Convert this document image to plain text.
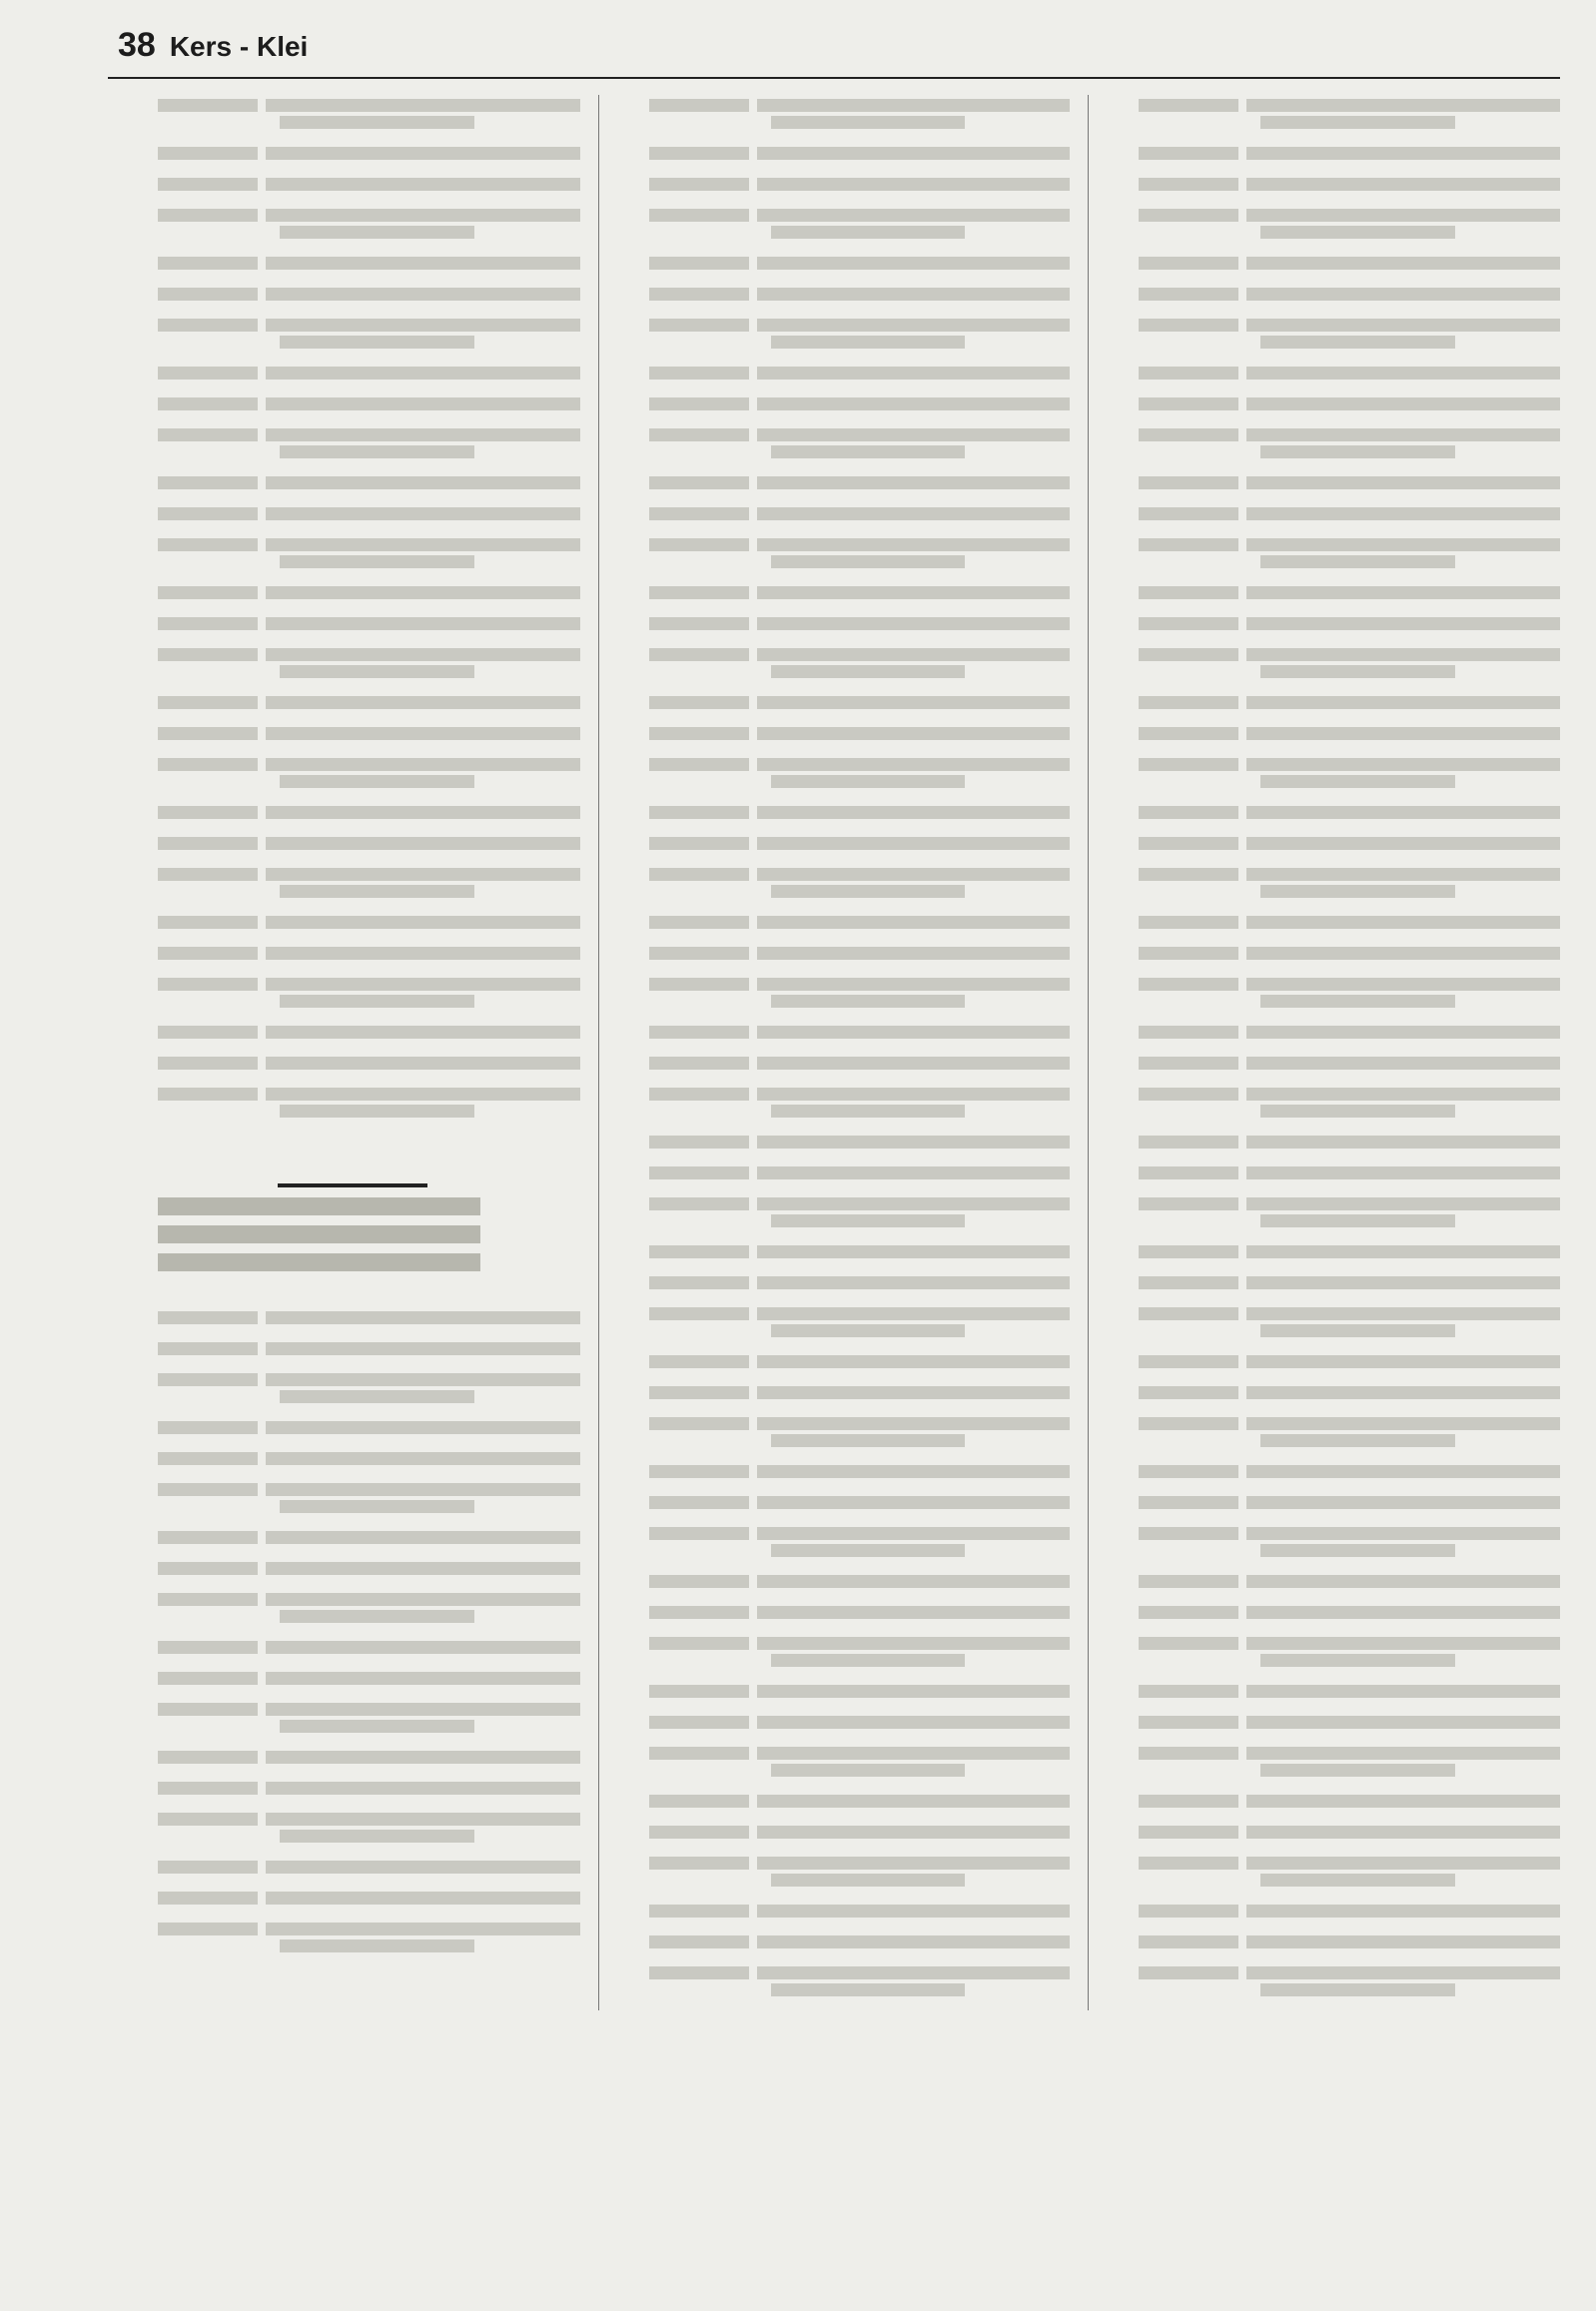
38 Kers - Klei
